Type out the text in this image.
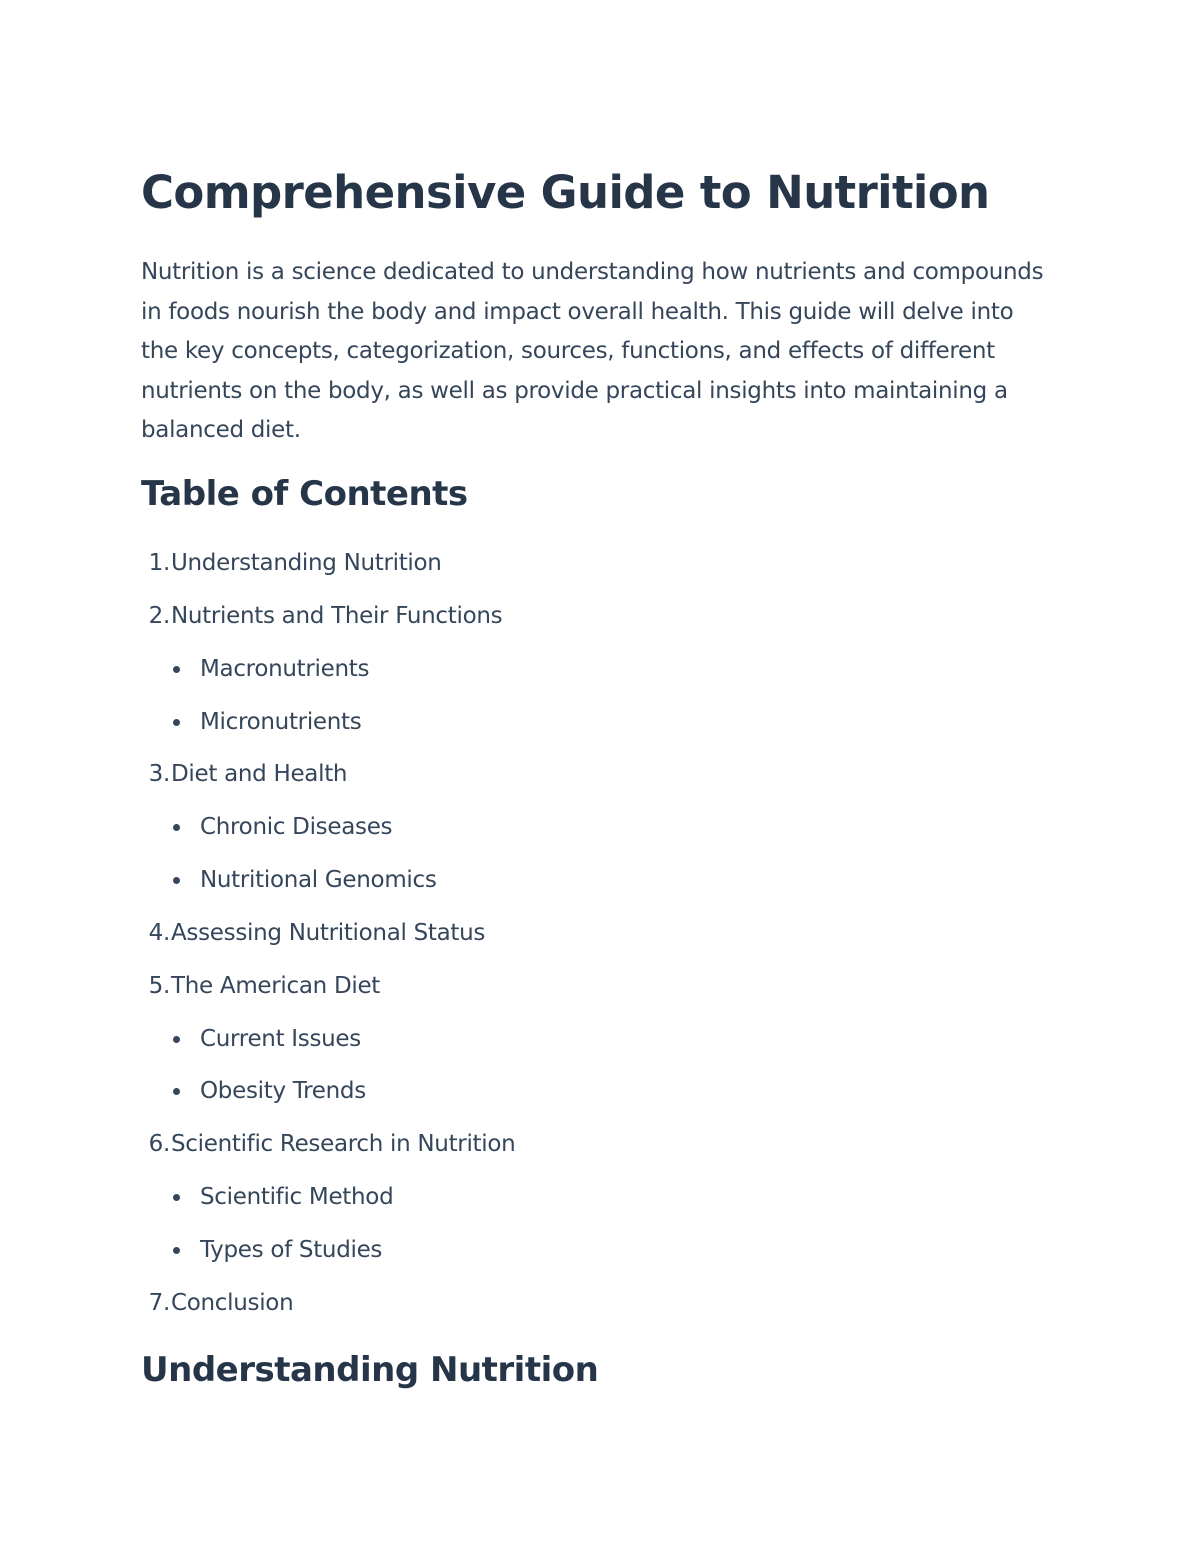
Comprehensive Guide to Nutrition

Nutrition is a science dedicated to understanding how nutrients and compounds in foods nourish the body and impact overall health. This guide will delve into the key concepts, categorization, sources, functions, and effects of different nutrients on the body, as well as provide practical insights into maintaining a balanced diet.

Table of Contents
1. Understanding Nutrition
2. Nutrients and Their Functions
Macronutrients
Micronutrients
3. Diet and Health
Chronic Diseases
Nutritional Genomics
4. Assessing Nutritional Status
5. The American Diet
Current Issues
Obesity Trends
6. Scientific Research in Nutrition
Scientific Method
Types of Studies
7. Conclusion
Understanding Nutrition
